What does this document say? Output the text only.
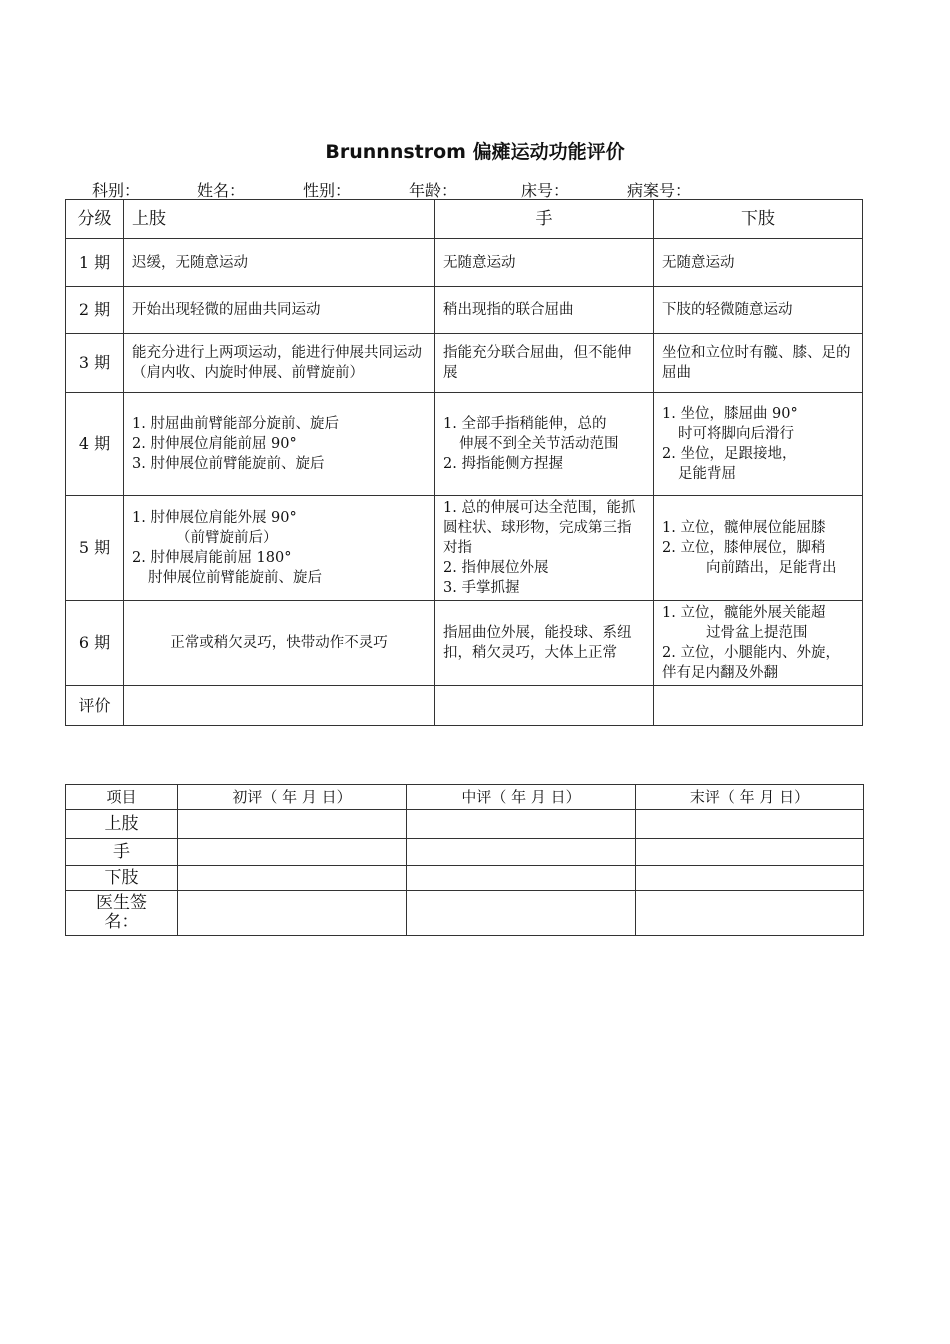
Brunnnstrom 偏瘫运动功能评价
科别：	姓名：	性别：	年龄：	床号：	病案号：
分级	上肢	手	下肢
1 期	迟缓，无随意运动	无随意运动	无随意运动

2 期	开始出现轻微的屈曲共同运动	稍出现指的联合屈曲	下肢的轻微随意运动

3 期	能充分进行上两项运动，能进行伸展共同运动（肩内收、内旋时伸展、前臂旋前）	指能充分联合屈曲，但不能伸展	坐位和立位时有髋、膝、足的屈曲

4 期	1. 肘屈曲前臂能部分旋前、旋后
2. 肘伸展位肩能前屈 90°
3. 肘伸展位前臂能旋前、旋后	1. 全部手指稍能伸，总的
伸展不到全关节活动范围
2. 拇指能侧方捏握	1. 坐位，膝屈曲 90°
时可将脚向后滑行
2. 坐位，足跟接地，
足能背屈

5 期	1. 肘伸展位肩能外展 90°
（前臂旋前后）
2. 肘伸展肩能前屈 180°
肘伸展位前臂能旋前、旋后	1. 总的伸展可达全范围，能抓圆柱状、球形物，完成第三指对指
2. 指伸展位外展
3. 手掌抓握	1. 立位，髋伸展位能屈膝
2. 立位，膝伸展位，脚稍
向前踏出，足能背出

6 期	正常或稍欠灵巧，快带动作不灵巧	指屈曲位外展，能投球、系纽扣，稍欠灵巧，大体上正常	1. 立位，髋能外展关能超
过骨盆上提范围
2. 立位，小腿能内、外旋，伴有足内翻及外翻

评价			
项目	初评（ 年 月 日）	中评（ 年 月 日）	末评（ 年 月 日）
上肢			
手			
下肢			
医生签名：			
